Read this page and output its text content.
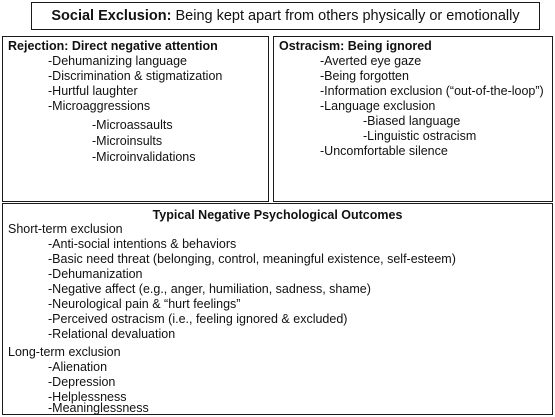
Social Exclusion: Being kept apart from others physically or emotionally
Rejection: Direct negative attention
-Dehumanizing language
-Discrimination & stigmatization
-Hurtful laughter
-Microaggressions
-Microassaults
-Microinsults
-Microinvalidations
Ostracism: Being ignored
-Averted eye gaze
-Being forgotten
-Information exclusion (“out-of-the-loop”)
-Language exclusion
-Biased language
-Linguistic ostracism
-Uncomfortable silence
Typical Negative Psychological Outcomes
Short-term exclusion
-Anti-social intentions & behaviors
-Basic need threat (belonging, control, meaningful existence, self-esteem)
-Dehumanization
-Negative affect (e.g., anger, humiliation, sadness, shame)
-Neurological pain & “hurt feelings”
-Perceived ostracism (i.e., feeling ignored & excluded)
-Relational devaluation
Long-term exclusion
-Alienation
-Depression
-Helplessness
-Meaninglessness
